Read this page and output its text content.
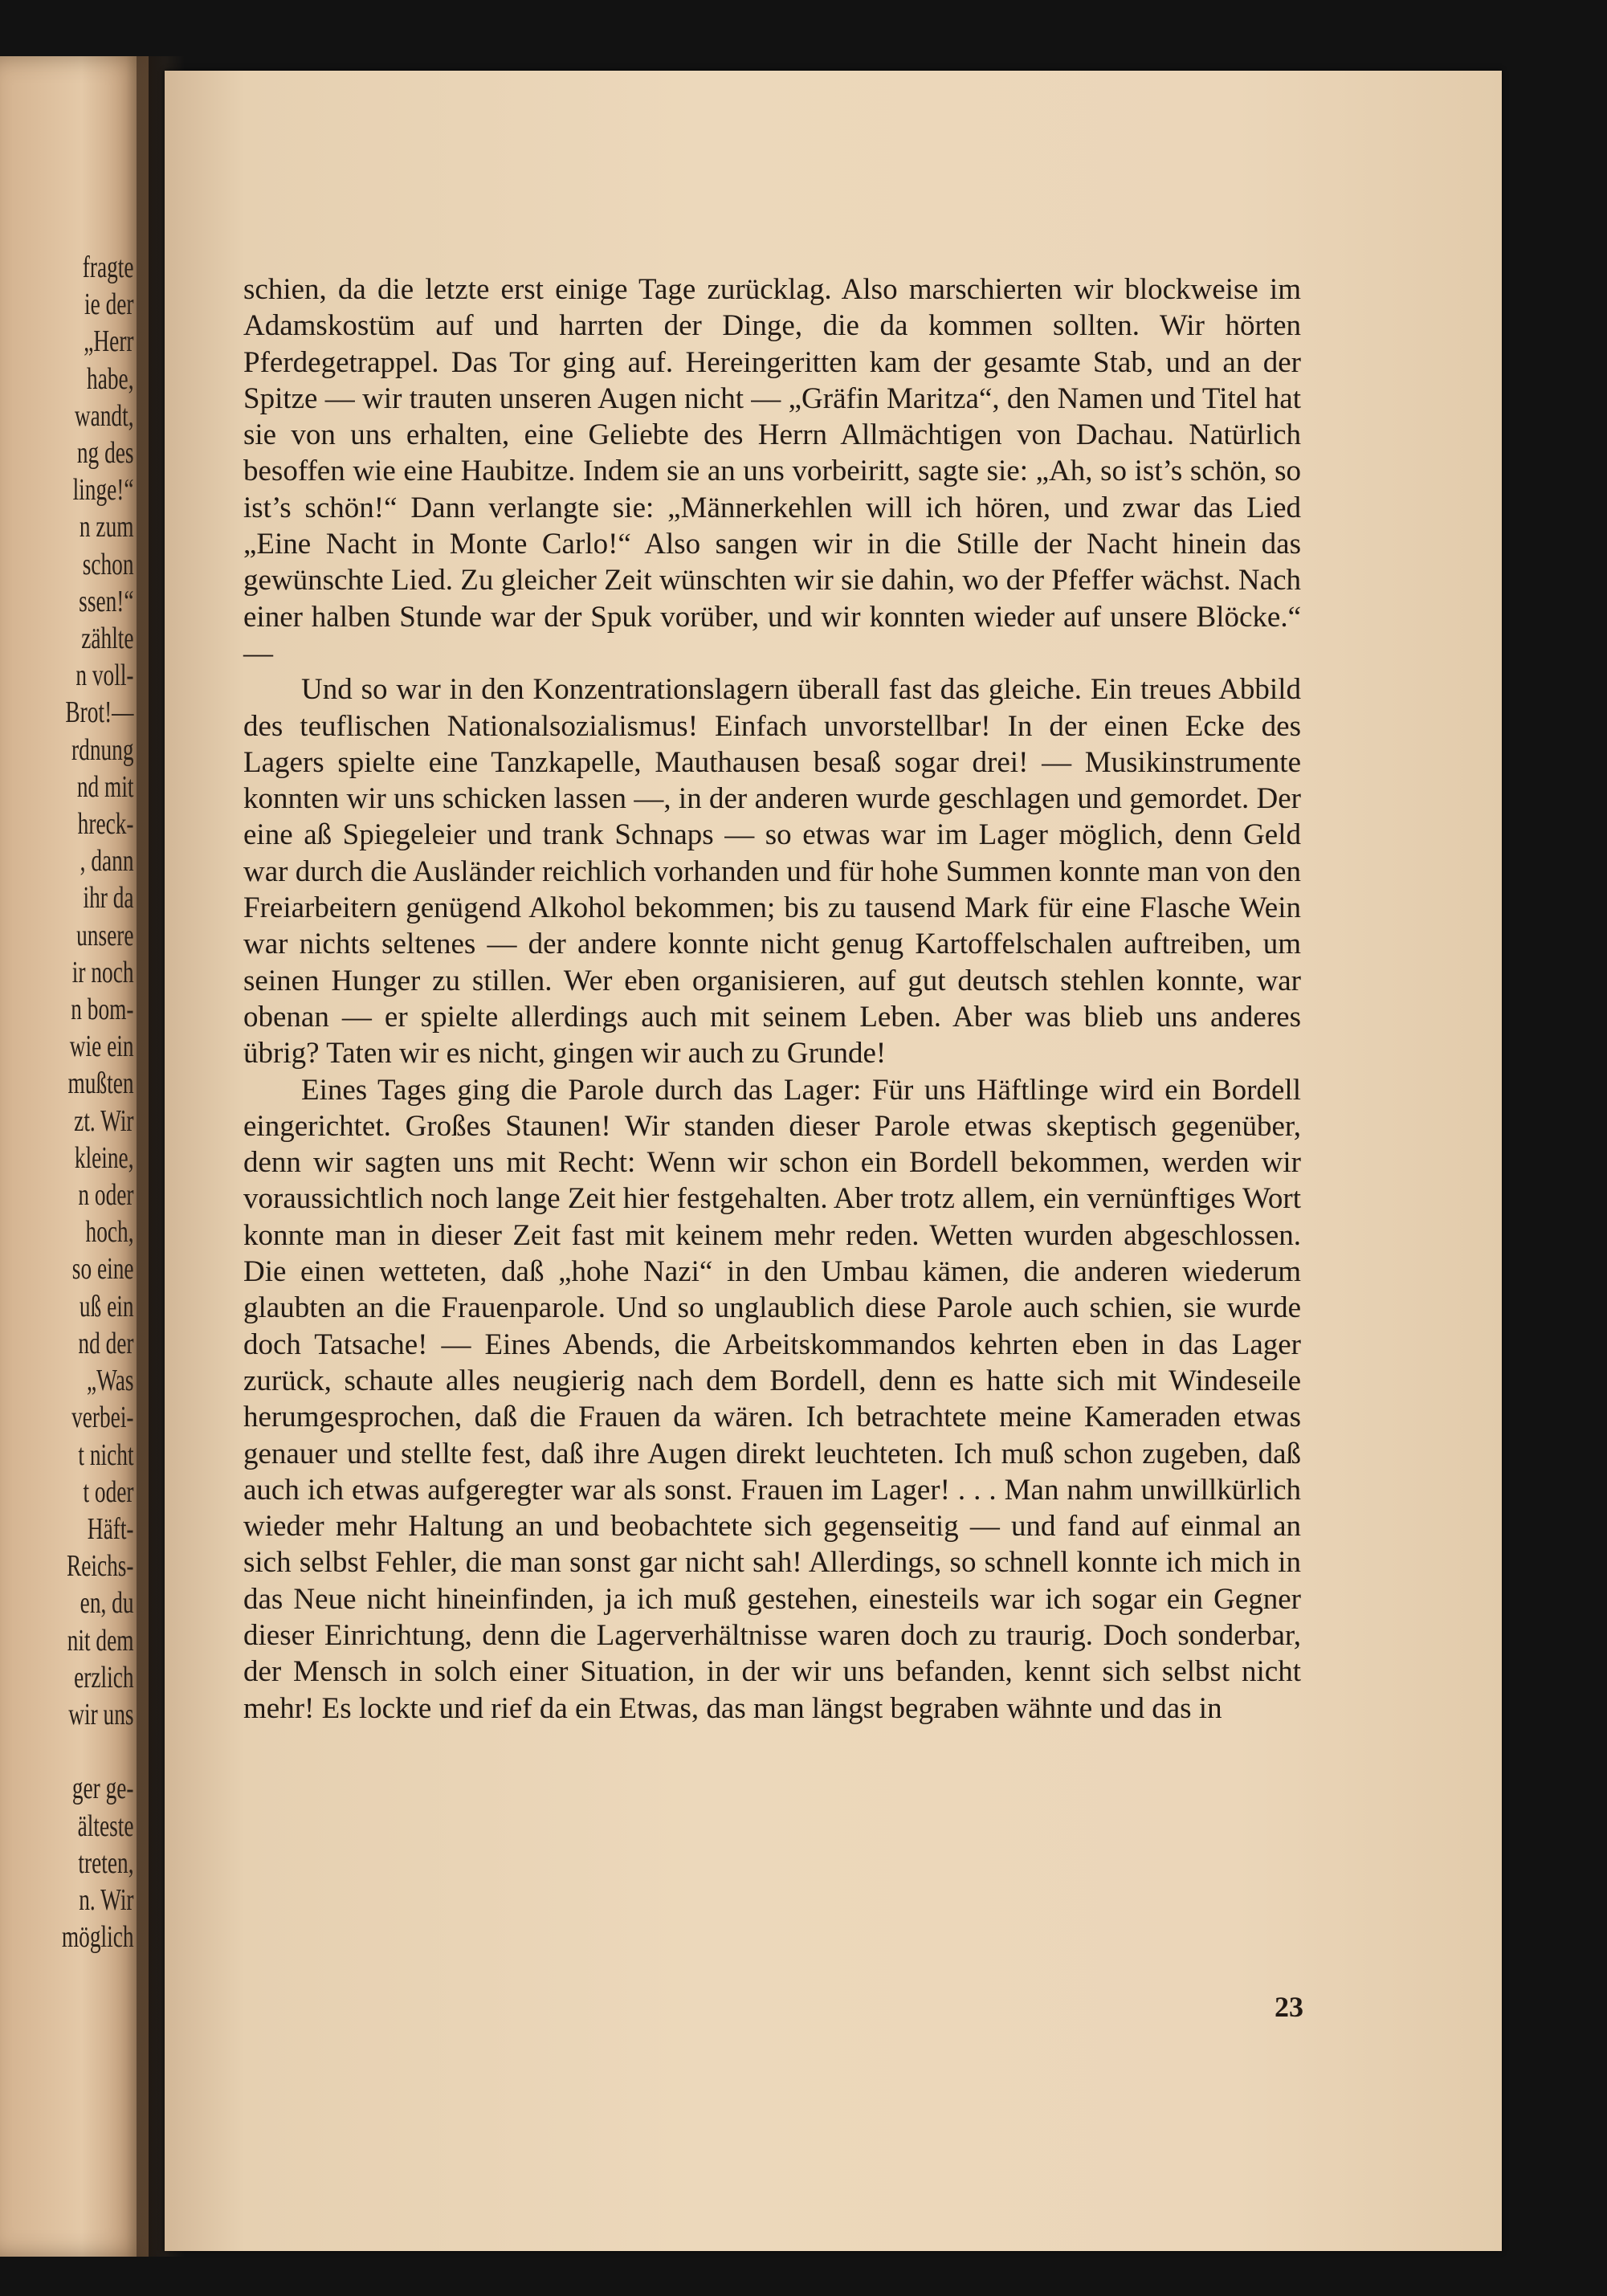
fragte
ie der
„Herr
habe,
wandt,
ng des
linge!“
n zum
schon
ssen!“
zählte
n voll-
Brot!—
rdnung
nd mit
hreck-
, dann
ihr da
unsere
ir noch
n bom-
wie ein
mußten
zt. Wir
kleine,
n oder
hoch,
so eine
uß ein
nd der
„Was
verbei-
t nicht
t oder
Häft-
Reichs-
en, du
nit dem
erzlich
wir uns

ger ge-
älteste
treten,
n. Wir
möglich

schien, da die letzte erst einige Tage zurücklag. Also marschierten wir blockweise im Adamskostüm auf und harrten der Dinge, die da kommen sollten. Wir hörten Pferdegetrappel. Das Tor ging auf. Hereingeritten kam der gesamte Stab, und an der Spitze — wir trauten unseren Augen nicht — „Gräfin Maritza“, den Namen und Titel hat sie von uns erhalten, eine Geliebte des Herrn Allmächtigen von Dachau. Natürlich besoffen wie eine Haubitze. Indem sie an uns vorbeiritt, sagte sie: „Ah, so ist’s schön, so ist’s schön!“ Dann verlangte sie: „Männerkehlen will ich hören, und zwar das Lied „Eine Nacht in Monte Carlo!“ Also sangen wir in die Stille der Nacht hinein das gewünschte Lied. Zu gleicher Zeit wünschten wir sie dahin, wo der Pfeffer wächst. Nach einer halben Stunde war der Spuk vorüber, und wir konnten wieder auf unsere Blöcke.“ —

Und so war in den Konzentrationslagern überall fast das gleiche. Ein treues Abbild des teuflischen Nationalsozialismus! Einfach unvorstellbar! In der einen Ecke des Lagers spielte eine Tanzkapelle, Mauthausen besaß sogar drei! — Musikinstrumente konnten wir uns schicken lassen —, in der anderen wurde geschlagen und gemordet. Der eine aß Spiegeleier und trank Schnaps — so etwas war im Lager möglich, denn Geld war durch die Ausländer reichlich vorhanden und für hohe Summen konnte man von den Freiarbeitern genügend Alkohol bekommen; bis zu tausend Mark für eine Flasche Wein war nichts seltenes — der andere konnte nicht genug Kartoffelschalen auftreiben, um seinen Hunger zu stillen. Wer eben organisieren, auf gut deutsch stehlen konnte, war obenan — er spielte allerdings auch mit seinem Leben. Aber was blieb uns anderes übrig? Taten wir es nicht, gingen wir auch zu Grunde!

Eines Tages ging die Parole durch das Lager: Für uns Häftlinge wird ein Bordell eingerichtet. Großes Staunen! Wir standen dieser Parole etwas skeptisch gegenüber, denn wir sagten uns mit Recht: Wenn wir schon ein Bordell bekommen, werden wir voraussichtlich noch lange Zeit hier festgehalten. Aber trotz allem, ein vernünftiges Wort konnte man in dieser Zeit fast mit keinem mehr reden. Wetten wurden abgeschlossen. Die einen wetteten, daß „hohe Nazi“ in den Umbau kämen, die anderen wiederum glaubten an die Frauenparole. Und so unglaublich diese Parole auch schien, sie wurde doch Tatsache! — Eines Abends, die Arbeitskommandos kehrten eben in das Lager zurück, schaute alles neugierig nach dem Bordell, denn es hatte sich mit Windeseile herumgesprochen, daß die Frauen da wären. Ich betrachtete meine Kameraden etwas genauer und stellte fest, daß ihre Augen direkt leuchteten. Ich muß schon zugeben, daß auch ich etwas aufgeregter war als sonst. Frauen im Lager! . . . Man nahm unwillkürlich wieder mehr Haltung an und beobachtete sich gegenseitig — und fand auf einmal an sich selbst Fehler, die man sonst gar nicht sah! Allerdings, so schnell konnte ich mich in das Neue nicht hineinfinden, ja ich muß gestehen, einesteils war ich sogar ein Gegner dieser Einrichtung, denn die Lagerverhältnisse waren doch zu traurig. Doch sonderbar, der Mensch in solch einer Situation, in der wir uns befanden, kennt sich selbst nicht mehr! Es lockte und rief da ein Etwas, das man längst begraben wähnte und das in

23
